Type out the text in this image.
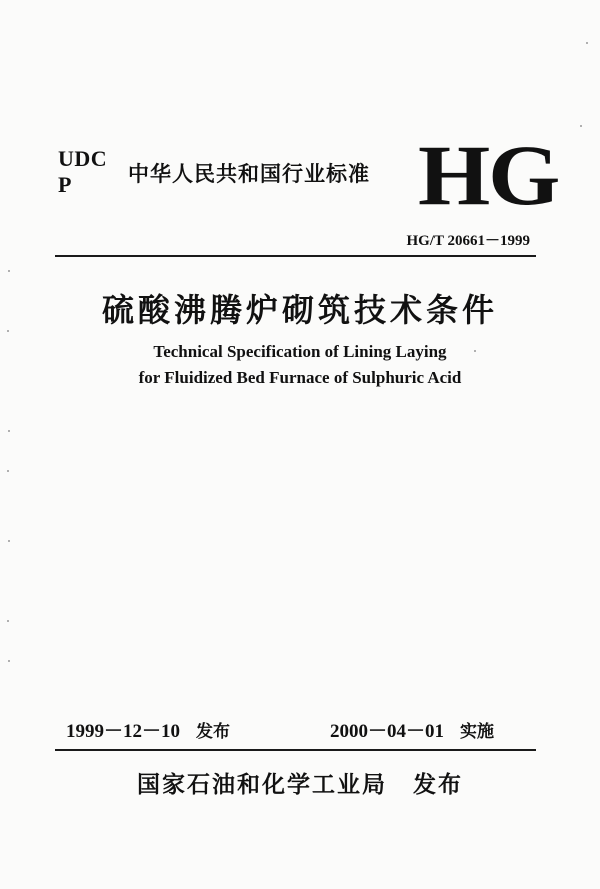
UDC
P	中华人民共和国行业标准 HG
HG/T 20661－1999
硫酸沸腾炉砌筑技术条件
Technical Specification of Lining Laying
for Fluidized Bed Furnace of Sulphuric Acid
1999－12－10 发布	2000－04－01 实施
国家石油和化学工业局 发布
